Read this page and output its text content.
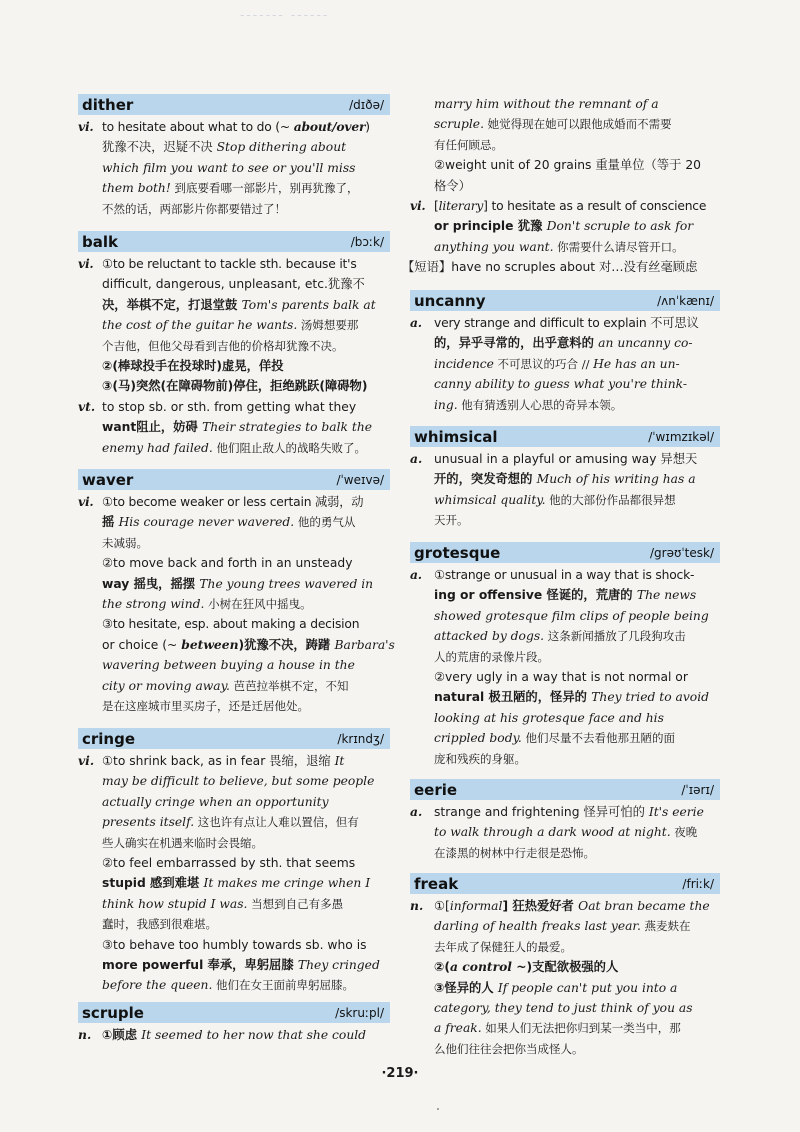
------- ------
dither	/dɪðə/
vi. to hesitate about what to do (~ about/over)
犹豫不决，迟疑不决 Stop dithering about
which film you want to see or you'll miss
them both! 到底要看哪一部影片，别再犹豫了，
不然的话，两部影片你都要错过了！
balk	/bɔːk/
vi. ①to be reluctant to tackle sth. because it's
difficult, dangerous, unpleasant, etc.犹豫不
决，举棋不定，打退堂鼓 Tom's parents balk at
the cost of the guitar he wants. 汤姆想要那
个吉他，但他父母看到吉他的价格却犹豫不决。
②(棒球投手在投球时)虚晃，佯投
③(马)突然(在障碍物前)停住，拒绝跳跃(障碍物)
vt. to stop sb. or sth. from getting what they
want阻止，妨碍 Their strategies to balk the
enemy had failed. 他们阻止敌人的战略失败了。
waver	/ˈweɪvə/
vi. ①to become weaker or less certain 减弱，动
摇 His courage never wavered. 他的勇气从
未减弱。
②to move back and forth in an unsteady
way 摇曳，摇摆 The young trees wavered in
the strong wind. 小树在狂风中摇曳。
③to hesitate, esp. about making a decision
or choice (~ between)犹豫不决，踌躇 Barbara's
wavering between buying a house in the
city or moving away. 芭芭拉举棋不定，不知
是在这座城市里买房子，还是迁居他处。
cringe	/krɪndʒ/
vi. ①to shrink back, as in fear 畏缩，退缩 It
may be difficult to believe, but some people
actually cringe when an opportunity
presents itself. 这也许有点让人难以置信，但有
些人确实在机遇来临时会畏缩。
②to feel embarrassed by sth. that seems
stupid 感到难堪 It makes me cringe when I
think how stupid I was. 当想到自己有多愚
蠢时，我感到很难堪。
③to behave too humbly towards sb. who is
more powerful 奉承，卑躬屈膝 They cringed
before the queen. 他们在女王面前卑躬屈膝。
scruple	/skruːpl/
n. ①顾虑 It seemed to her now that she could
marry him without the remnant of a
scruple. 她觉得现在她可以跟他成婚而不需要
有任何顾忌。
②weight unit of 20 grains 重量单位（等于 20
格令）
vi. [literary] to hesitate as a result of conscience
or principle 犹豫 Don't scruple to ask for
anything you want. 你需要什么请尽管开口。
【短语】have no scruples about 对…没有丝毫顾虑
uncanny	/ʌnˈkænɪ/
a. very strange and difficult to explain 不可思议
的，异乎寻常的，出乎意料的 an uncanny co-
incidence 不可思议的巧合 // He has an un-
canny ability to guess what you're think-
ing. 他有猜透别人心思的奇异本领。
whimsical	/ˈwɪmzɪkəl/
a. unusual in a playful or amusing way 异想天
开的，突发奇想的 Much of his writing has a
whimsical quality. 他的大部份作品都很异想
天开。
grotesque	/grəʊˈtesk/
a. ①strange or unusual in a way that is shock-
ing or offensive 怪诞的，荒唐的 The news
showed grotesque film clips of people being
attacked by dogs. 这条新闻播放了几段狗攻击
人的荒唐的录像片段。
②very ugly in a way that is not normal or
natural 极丑陋的，怪异的 They tried to avoid
looking at his grotesque face and his
crippled body. 他们尽量不去看他那丑陋的面
庞和残疾的身躯。
eerie	/ˈɪərɪ/
a. strange and frightening 怪异可怕的 It's eerie
to walk through a dark wood at night. 夜晚
在漆黑的树林中行走很是恐怖。
freak	/friːk/
n. ①[informal] 狂热爱好者 Oat bran became the
darling of health freaks last year. 燕麦麸在
去年成了保健狂人的最爱。
②(a control ~)支配欲极强的人
③怪异的人 If people can't put you into a
category, they tend to just think of you as
a freak. 如果人们无法把你归到某一类当中，那
么他们往往会把你当成怪人。
·219·
